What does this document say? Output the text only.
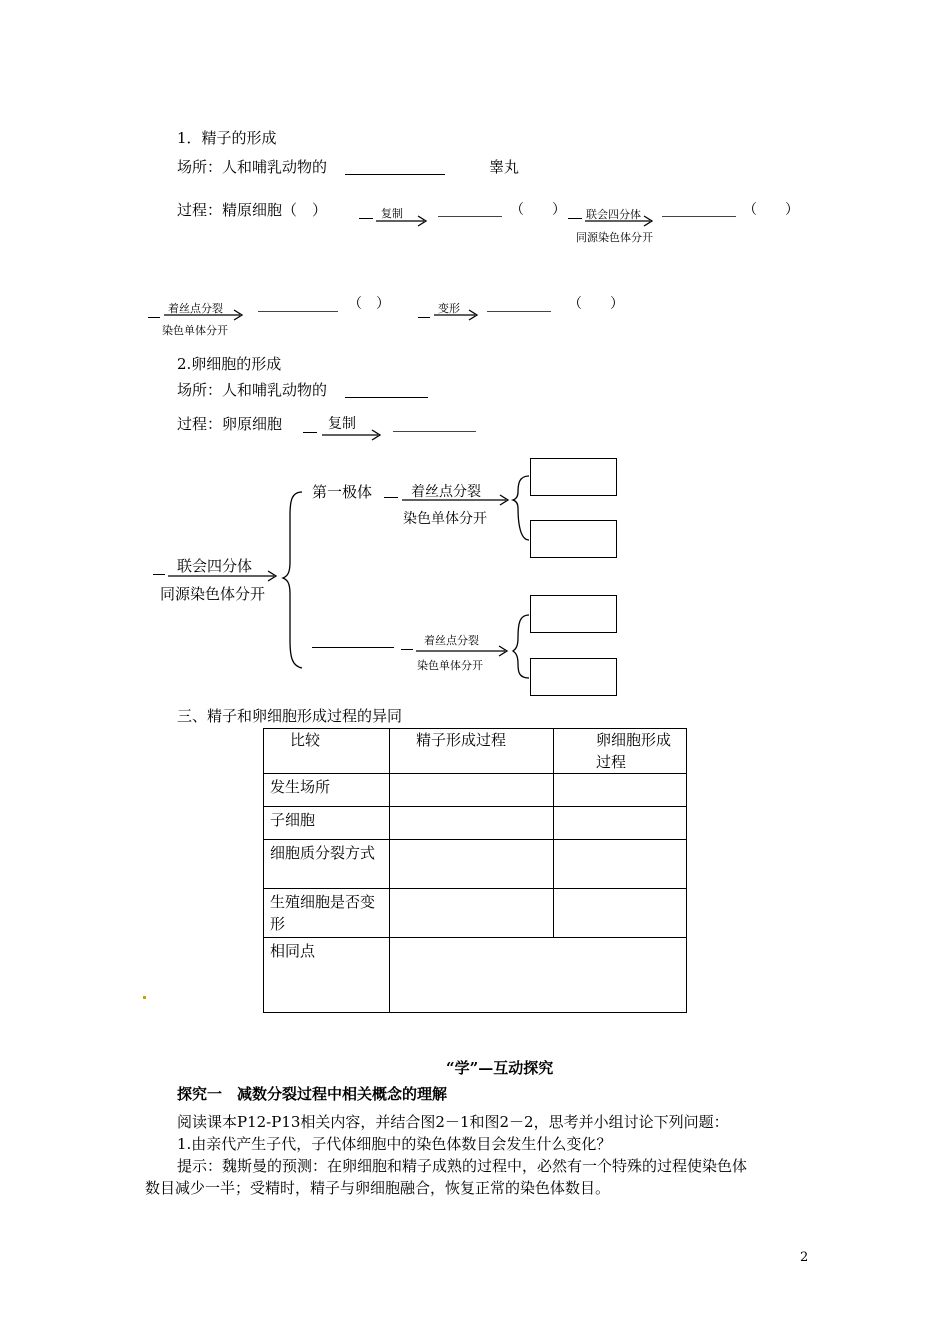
1．精子的形成
场所：人和哺乳动物的	睾丸
过程：精原细胞（　）	复制	（　　） 联会四分体
同源染色体分开
（　　）
着丝点分裂
染色单体分开
（　）	变形	（　　）
2.卵细胞的形成
场所：人和哺乳动物的
过程：卵原细胞	复制
第一极体	着丝点分裂
染色单体分开
联会四分体
同源染色体分开
着丝点分裂
染色单体分开
三、精子和卵细胞形成过程的异同
比较	精子形成过程	卵细胞形成过程
发生场所		
子细胞		
细胞质分裂方式		
生殖细胞是否变形		
相同点		
“学”—互动探究
探究一　减数分裂过程中相关概念的理解
阅读课本P12-P13相关内容，并结合图2－1和图2－2，思考并小组讨论下列问题：
1.由亲代产生子代，子代体细胞中的染色体数目会发生什么变化？
提示：魏斯曼的预测：在卵细胞和精子成熟的过程中，必然有一个特殊的过程使染色体
数目减少一半；受精时，精子与卵细胞融合，恢复正常的染色体数目。
2
